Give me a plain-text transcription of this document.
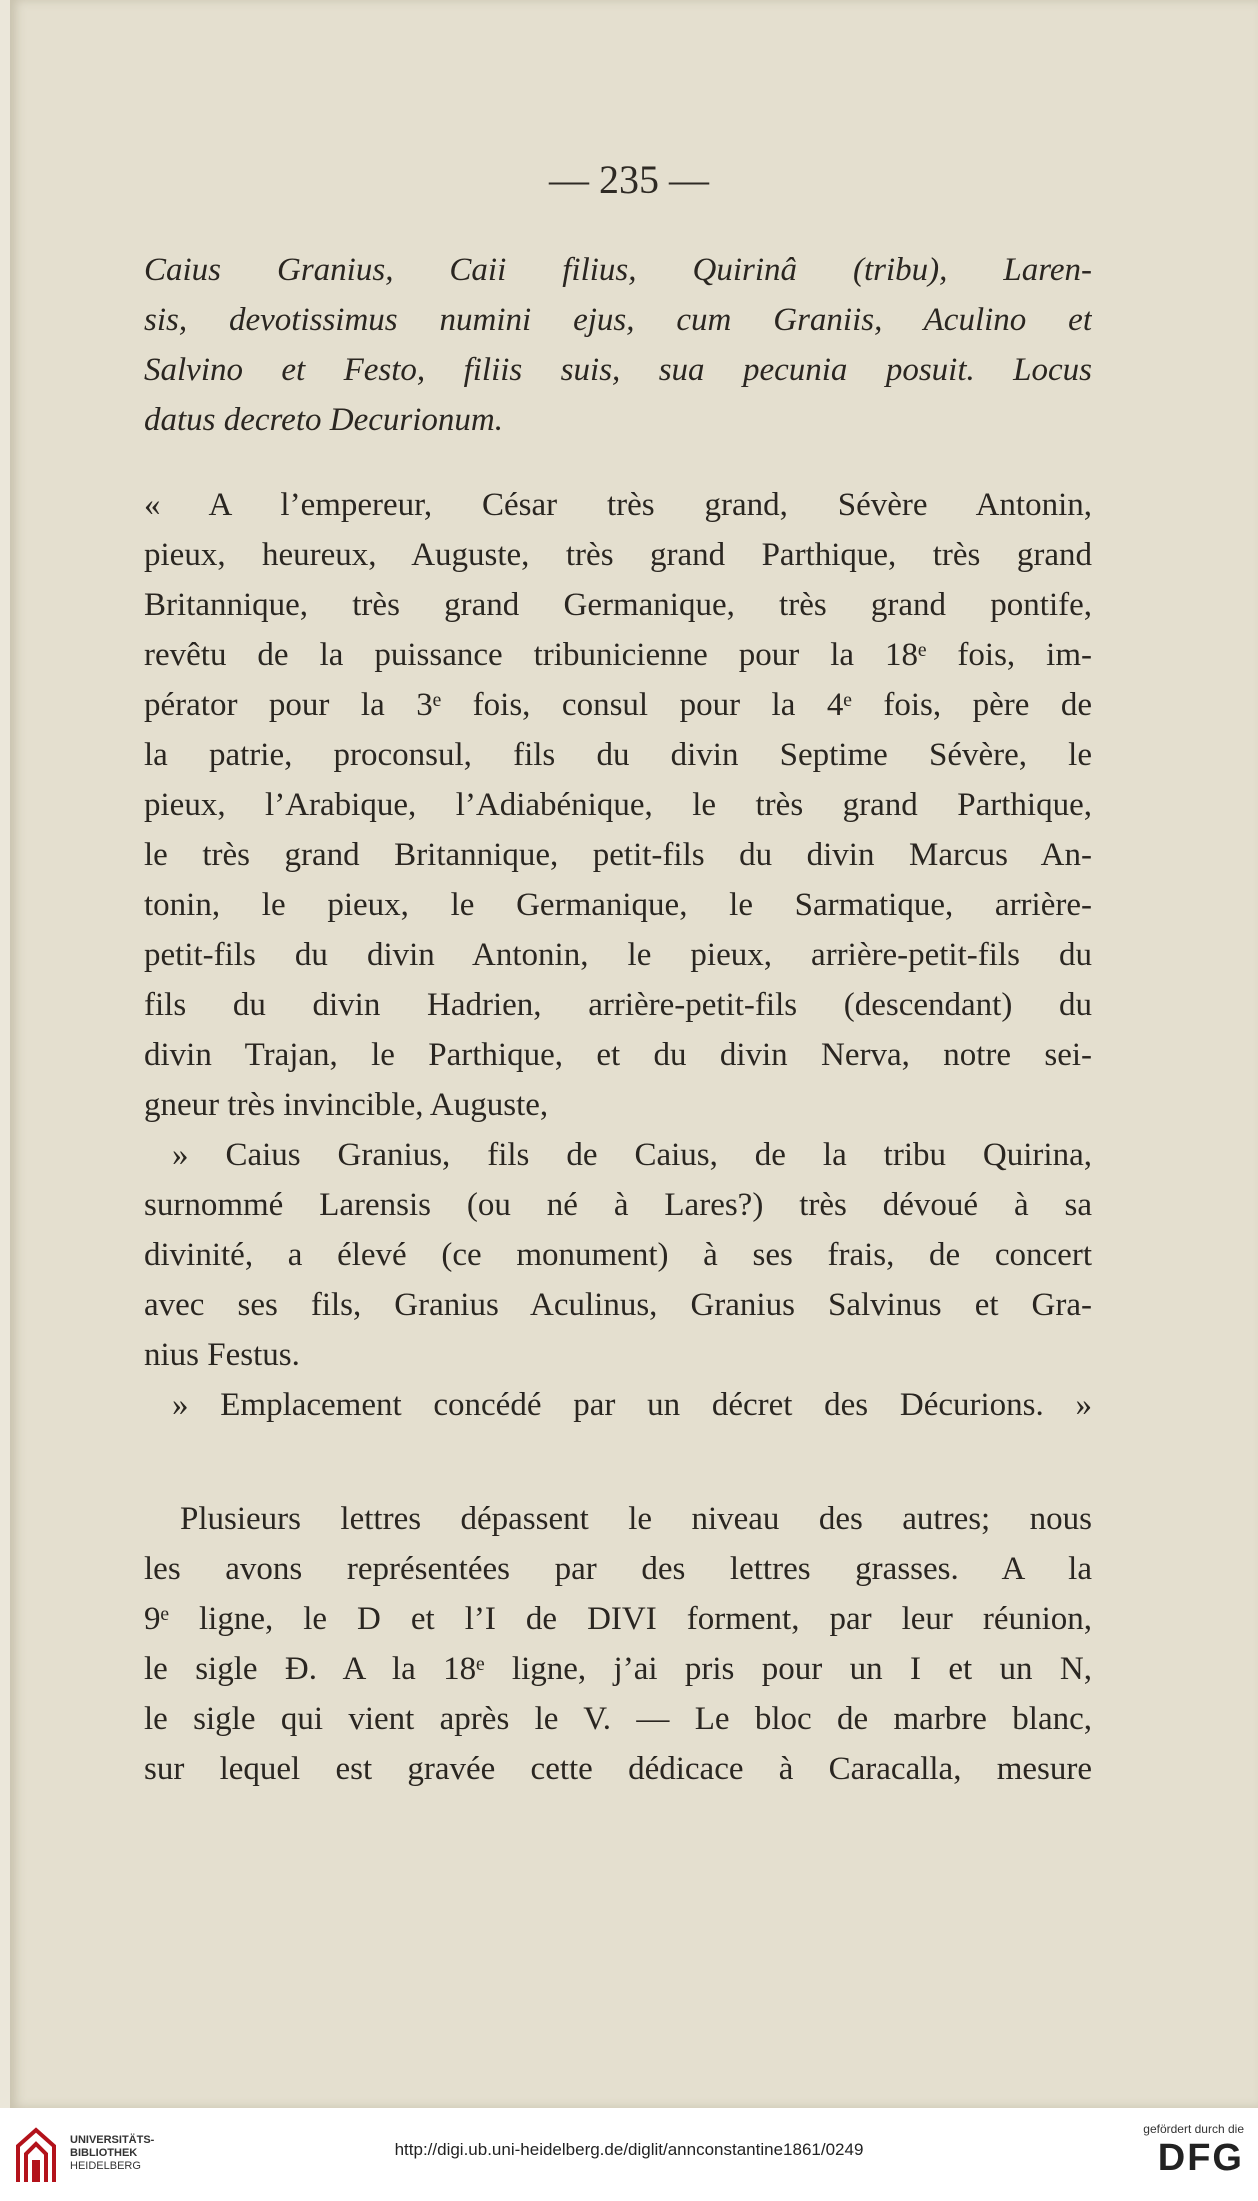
— 235 —
Caius Granius, Caii filius, Quirinâ (tribu), Laren-
sis, devotissimus numini ejus, cum Graniis, Aculino et
Salvino et Festo, filiis suis, sua pecunia posuit. Locus
datus decreto Decurionum.
« A l’empereur, César très grand, Sévère Antonin,
pieux, heureux, Auguste, très grand Parthique, très grand
Britannique, très grand Germanique, très grand pontife,
revêtu de la puissance tribunicienne pour la 18ᵉ fois, im-
pérator pour la 3ᵉ fois, consul pour la 4ᵉ fois, père de
la patrie, proconsul, fils du divin Septime Sévère, le
pieux, l’Arabique, l’Adiabénique, le très grand Parthique,
le très grand Britannique, petit-fils du divin Marcus An-
tonin, le pieux, le Germanique, le Sarmatique, arrière-
petit-fils du divin Antonin, le pieux, arrière-petit-fils du
fils du divin Hadrien, arrière-petit-fils (descendant) du
divin Trajan, le Parthique, et du divin Nerva, notre sei-
gneur très invincible, Auguste,
» Caius Granius, fils de Caius, de la tribu Quirina,
surnommé Larensis (ou né à Lares?) très dévoué à sa
divinité, a élevé (ce monument) à ses frais, de concert
avec ses fils, Granius Aculinus, Granius Salvinus et Gra-
nius Festus.
» Emplacement concédé par un décret des Décurions. »
Plusieurs lettres dépassent le niveau des autres; nous
les avons représentées par des lettres grasses. A la
9ᵉ ligne, le D et l’I de DIVI forment, par leur réunion,
le sigle Ð. A la 18ᵉ ligne, j’ai pris pour un I et un N,
le sigle qui vient après le V. — Le bloc de marbre blanc,
sur lequel est gravée cette dédicace à Caracalla, mesure
UNIVERSITÄTS-
BIBLIOTHEK
HEIDELBERG
http://digi.ub.uni-heidelberg.de/diglit/annconstantine1861/0249
gefördert durch die
DFG
